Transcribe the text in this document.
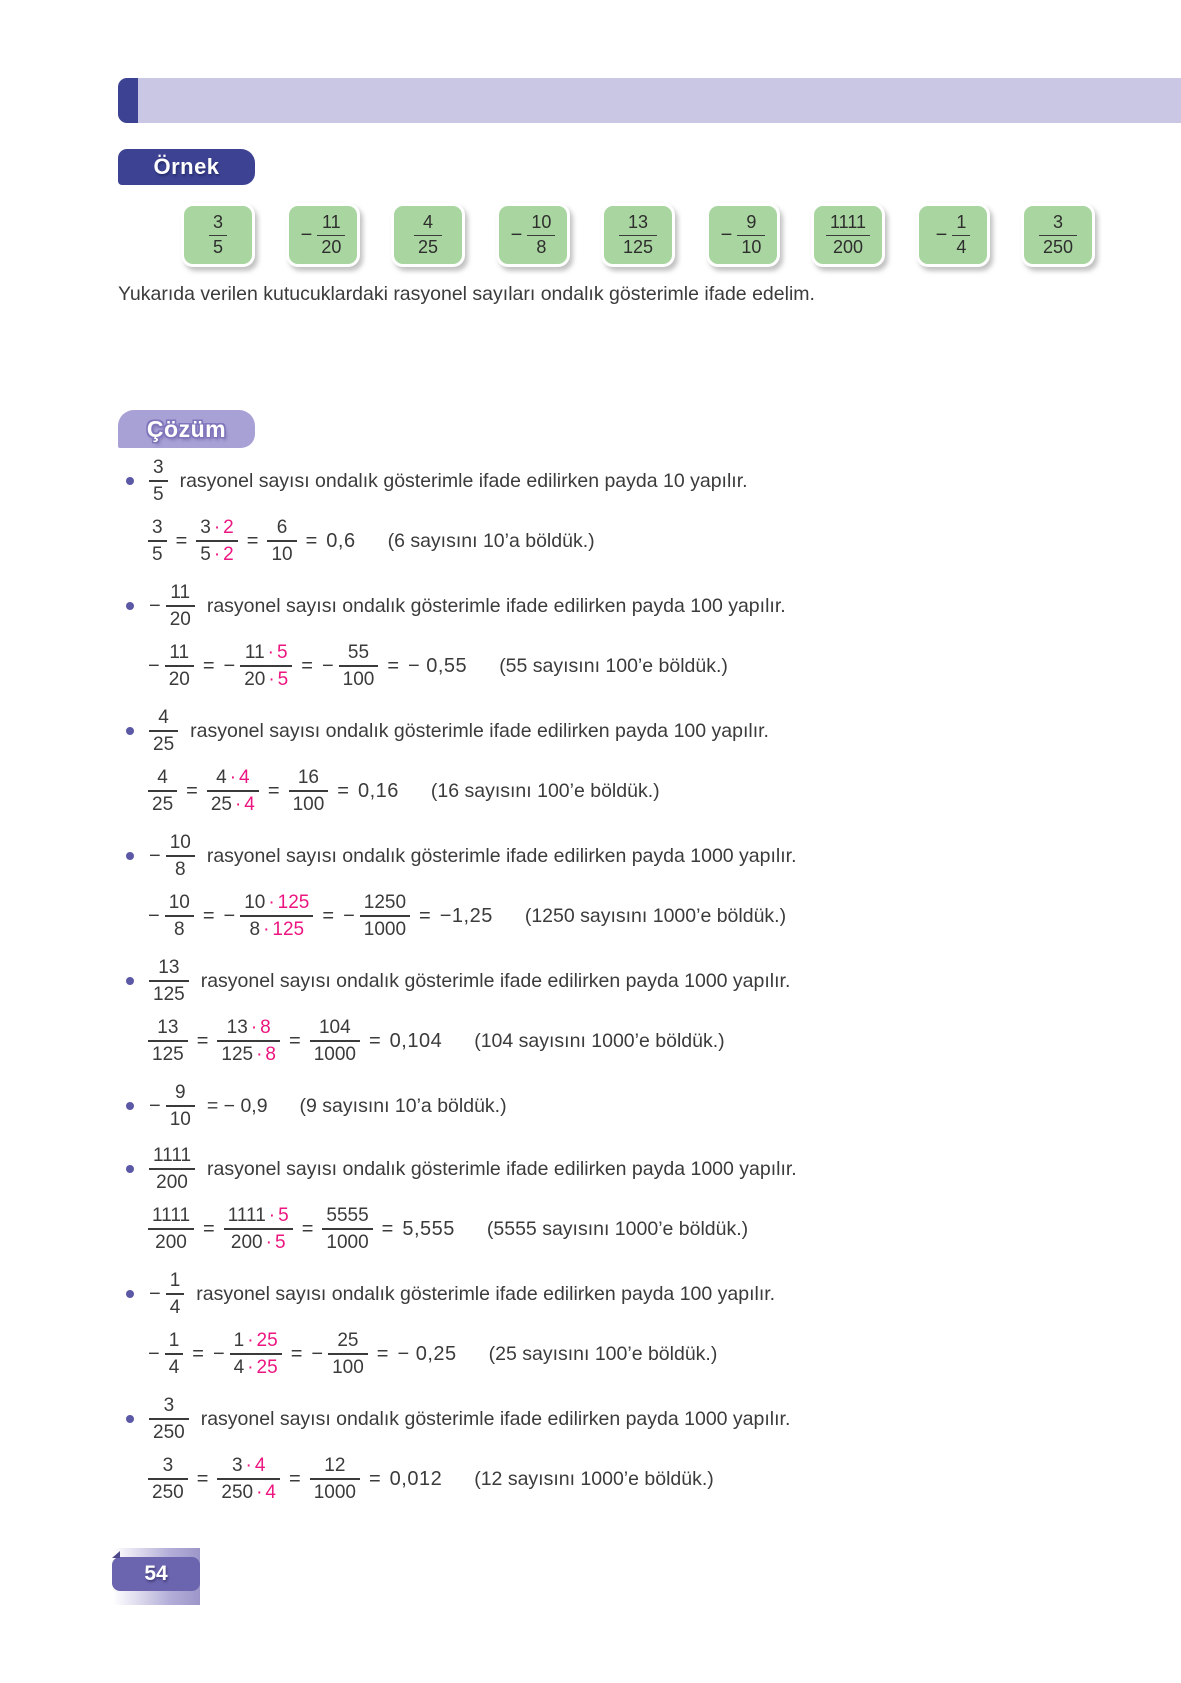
Örnek
$\frac{3}{5}$	− $\frac{11}{20}$	$\frac{4}{25}$	− $\frac{10}{8}$	$\frac{13}{125}$	− $\frac{9}{10}$	$\frac{1111}{200}$	− $\frac{1}{4}$	$\frac{3}{250}$

Yukarıda verilen kutucuklardaki rasyonel sayıları ondalık gösterimle ifade edelim.

Çözüm
$\frac{3}{5}$ rasyonel sayısı ondalık gösterimle ifade edilirken payda 10 yapılır.
$\frac{3}{5} = \frac{3 \cdot 2}{5 \cdot 2} = \frac{6}{10} = 0,6$ (6 sayısını 10’a böldük.)
− $\frac{11}{20}$ rasyonel sayısı ondalık gösterimle ifade edilirken payda 100 yapılır.
− $\frac{11}{20}$ = − $\frac{11 \cdot 5}{20 \cdot 5}$ = − $\frac{55}{100}$ = − 0,55 (55 sayısını 100’e böldük.)
$\frac{4}{25}$ rasyonel sayısı ondalık gösterimle ifade edilirken payda 100 yapılır.
$\frac{4}{25} = \frac{4 \cdot 4}{25 \cdot 4} = \frac{16}{100} = 0,16$ (16 sayısını 100’e böldük.)
− $\frac{10}{8}$ rasyonel sayısı ondalık gösterimle ifade edilirken payda 1000 yapılır.
− $\frac{10}{8}$ = − $\frac{10 \cdot 125}{8 \cdot 125}$ = − $\frac{1250}{1000} = -1,25$ (1250 sayısını 1000’e böldük.)
$\frac{13}{125}$ rasyonel sayısı ondalık gösterimle ifade edilirken payda 1000 yapılır.
$\frac{13}{125} = \frac{13 \cdot 8}{125 \cdot 8} = \frac{104}{1000} = 0,104$ (104 sayısını 1000’e böldük.)
− $\frac{9}{10}$ = − 0,9 (9 sayısını 10’a böldük.)
$\frac{1111}{200}$ rasyonel sayısı ondalık gösterimle ifade edilirken payda 1000 yapılır.
$\frac{1111}{200} = \frac{1111 \cdot 5}{200 \cdot 5} = \frac{5555}{1000} = 5,555$ (5555 sayısını 1000’e böldük.)
− $\frac{1}{4}$ rasyonel sayısı ondalık gösterimle ifade edilirken payda 100 yapılır.
− $\frac{1}{4}$ = − $\frac{1 \cdot 25}{4 \cdot 25}$ = − $\frac{25}{100}$ = − 0,25 (25 sayısını 100’e böldük.)
$\frac{3}{250}$ rasyonel sayısı ondalık gösterimle ifade edilirken payda 1000 yapılır.
$\frac{3}{250} = \frac{3 \cdot 4}{250 \cdot 4} = \frac{12}{1000} = 0,012$ (12 sayısını 1000’e böldük.)
54
